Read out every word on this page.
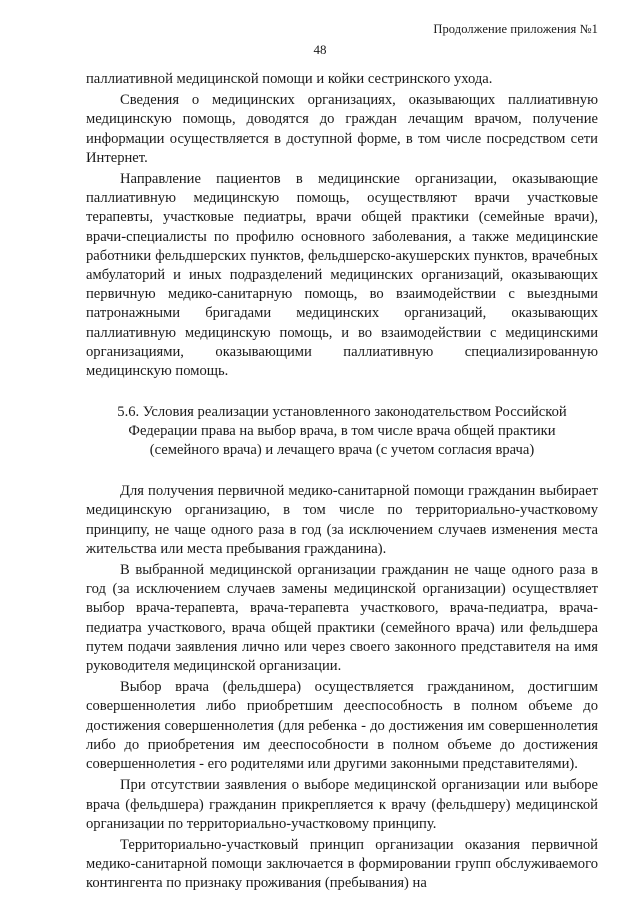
Продолжение приложения №1
48

паллиативной медицинской помощи и койки сестринского ухода.

Сведения о медицинских организациях, оказывающих паллиативную медицинскую помощь, доводятся до граждан лечащим врачом, получение информации осуществляется в доступной форме, в том числе посредством сети Интернет.

Направление пациентов в медицинские организации, оказывающие паллиативную медицинскую помощь, осуществляют врачи участковые терапевты, участковые педиатры, врачи общей практики (семейные врачи), врачи-специалисты по профилю основного заболевания, а также медицинские работники фельдшерских пунктов, фельдшерско-акушерских пунктов, врачебных амбулаторий и иных подразделений медицинских организаций, оказывающих первичную медико-санитарную помощь, во взаимодействии с выездными патронажными бригадами медицинских организаций, оказывающих паллиативную медицинскую помощь, и во взаимодействии с медицинскими организациями, оказывающими паллиативную специализированную медицинскую помощь.

5.6. Условия реализации установленного законодательством Российской Федерации права на выбор врача, в том числе врача общей практики (семейного врача) и лечащего врача (с учетом согласия врача)

Для получения первичной медико-санитарной помощи гражданин выбирает медицинскую организацию, в том числе по территориально-участковому принципу, не чаще одного раза в год (за исключением случаев изменения места жительства или места пребывания гражданина).

В выбранной медицинской организации гражданин не чаще одного раза в год (за исключением случаев замены медицинской организации) осуществляет выбор врача-терапевта, врача-терапевта участкового, врача-педиатра, врача-педиатра участкового, врача общей практики (семейного врача) или фельдшера путем подачи заявления лично или через своего законного представителя на имя руководителя медицинской организации.

Выбор врача (фельдшера) осуществляется гражданином, достигшим совершеннолетия либо приобретшим дееспособность в полном объеме до достижения совершеннолетия (для ребенка - до достижения им совершеннолетия либо до приобретения им дееспособности в полном объеме до достижения совершеннолетия - его родителями или другими законными представителями).

При отсутствии заявления о выборе медицинской организации или выборе врача (фельдшера) гражданин прикрепляется к врачу (фельдшеру) медицинской организации по территориально-участковому принципу.

Территориально-участковый принцип организации оказания первичной медико-санитарной помощи заключается в формировании групп обслуживаемого контингента по признаку проживания (пребывания) на
